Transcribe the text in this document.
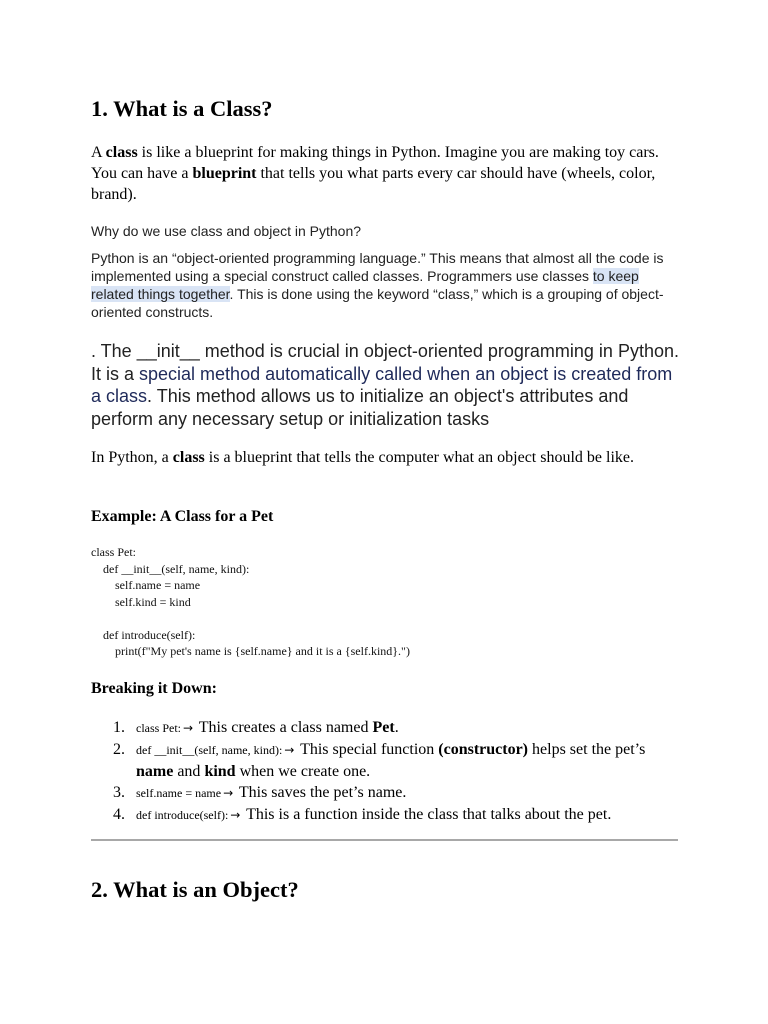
1. What is a Class?

A class is like a blueprint for making things in Python. Imagine you are making toy cars. You can have a blueprint that tells you what parts every car should have (wheels, color, brand).

Why do we use class and object in Python?

Python is an “object-oriented programming language.” This means that almost all the code is implemented using a special construct called classes. Programmers use classes to keep related things together. This is done using the keyword “class,” which is a grouping of object-oriented constructs.

. The __init__ method is crucial in object-oriented programming in Python. It is a special method automatically called when an object is created from a class. This method allows us to initialize an object's attributes and perform any necessary setup or initialization tasks

In Python, a class is a blueprint that tells the computer what an object should be like.

Example: A Class for a Pet

class Pet:
def __init__(self, name, kind):
self.name = name
self.kind = kind

def introduce(self):
print(f"My pet's name is {self.name} and it is a {self.kind}.")

Breaking it Down:

1. class Pet: → This creates a class named Pet.
2. def __init__(self, name, kind): → This special function (constructor) helps set the pet’s name and kind when we create one.
3. self.name = name → This saves the pet’s name.
4. def introduce(self): → This is a function inside the class that talks about the pet.
2. What is an Object?
